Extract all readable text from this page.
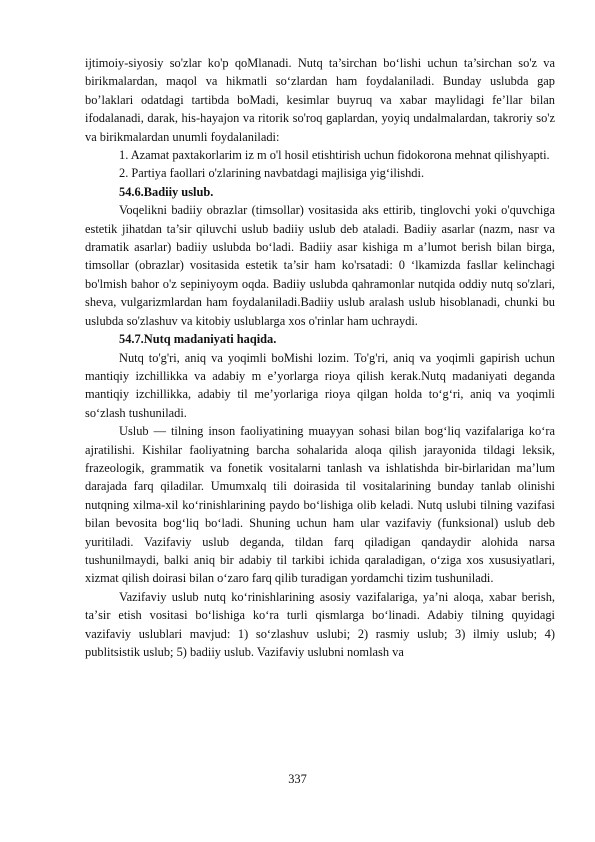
ijtimoiy-siyosiy so'zlar ko'p qoMlanadi. Nutq ta’sirchan bo‘lishi uchun ta’sirchan so'z va birikmalardan, maqol va hikmatli so‘zlardan ham foydalaniladi. Bunday uslubda gap bo’laklari odatdagi tartibda boMadi, kesimlar buyruq va xabar maylidagi fe’llar bilan ifodalanadi, darak, his-hayajon va ritorik so'roq gaplardan, yoyiq undalmalardan, takroriy so'z va birikmalardan unumli foydalaniladi:

1. Azamat paxtakorlarim iz m o'l hosil etishtirish uchun fidokorona mehnat qilishyapti.

2. Partiya faollari o'zlarining navbatdagi majlisiga yig‘ilishdi.

54.6.Badiiy uslub.

Voqelikni badiiy obrazlar (timsollar) vositasida aks ettirib, tinglovchi yoki o'quvchiga estetik jihatdan ta’sir qiluvchi uslub badiiy uslub deb ataladi. Badiiy asarlar (nazm, nasr va dramatik asarlar) badiiy uslubda bo‘ladi. Badiiy asar kishiga m a’lumot berish bilan birga, timsollar (obrazlar) vositasida estetik ta’sir ham ko'rsatadi: 0 ‘lkamizda fasllar kelinchagi bo'lmish bahor o'z sepiniyoym oqda. Badiiy uslubda qahramonlar nutqida oddiy nutq so'zlari, sheva, vulgarizmlardan ham foydalaniladi.Badiiy uslub aralash uslub hisoblanadi, chunki bu uslubda so'zlashuv va kitobiy uslublarga xos o'rinlar ham uchraydi.

54.7.Nutq madaniyati haqida.

Nutq to'g'ri, aniq va yoqimli boMishi lozim. To'g'ri, aniq va yoqimli gapirish uchun mantiqiy izchillikka va adabiy m e’yorlarga rioya qilish kerak.Nutq madaniyati deganda mantiqiy izchillikka, adabiy til me’yorlariga rioya qilgan holda to‘g‘ri, aniq va yoqimli so‘zlash tushuniladi.

Uslub — tilning inson faoliyatining muayyan sohasi bilan bog‘liq vazifalariga ko‘ra ajratilishi. Kishilar faoliyatning barcha sohalarida aloqa qilish jarayonida tildagi leksik, frazeologik, grammatik va fonetik vositalarni tanlash va ishlatishda bir-birlaridan maʼlum darajada farq qiladilar. Umumxalq tili doirasida til vositalarining bunday tanlab olinishi nutqning xilma-xil ko‘rinishlarining paydo bo‘lishiga olib keladi. Nutq uslubi tilning vazifasi bilan bevosita bog‘liq bo‘ladi. Shuning uchun ham ular vazifaviy (funksional) uslub deb yuritiladi. Vazifaviy uslub deganda, tildan farq qiladigan qandaydir alohida narsa tushunilmaydi, balki aniq bir adabiy til tarkibi ichida qaraladigan, o‘ziga xos xususiyatlari, xizmat qilish doirasi bilan o‘zaro farq qilib turadigan yordamchi tizim tushuniladi.

Vazifaviy uslub nutq ko‘rinishlarining asosiy vazifalariga, yaʼni aloqa, xabar berish, taʼsir etish vositasi bo‘lishiga ko‘ra turli qismlarga bo‘linadi. Adabiy tilning quyidagi vazifaviy uslublari mavjud: 1) so‘zlashuv uslubi; 2) rasmiy uslub; 3) ilmiy uslub; 4) publitsistik uslub; 5) badiiy uslub. Vazifaviy uslubni nomlash va

337
